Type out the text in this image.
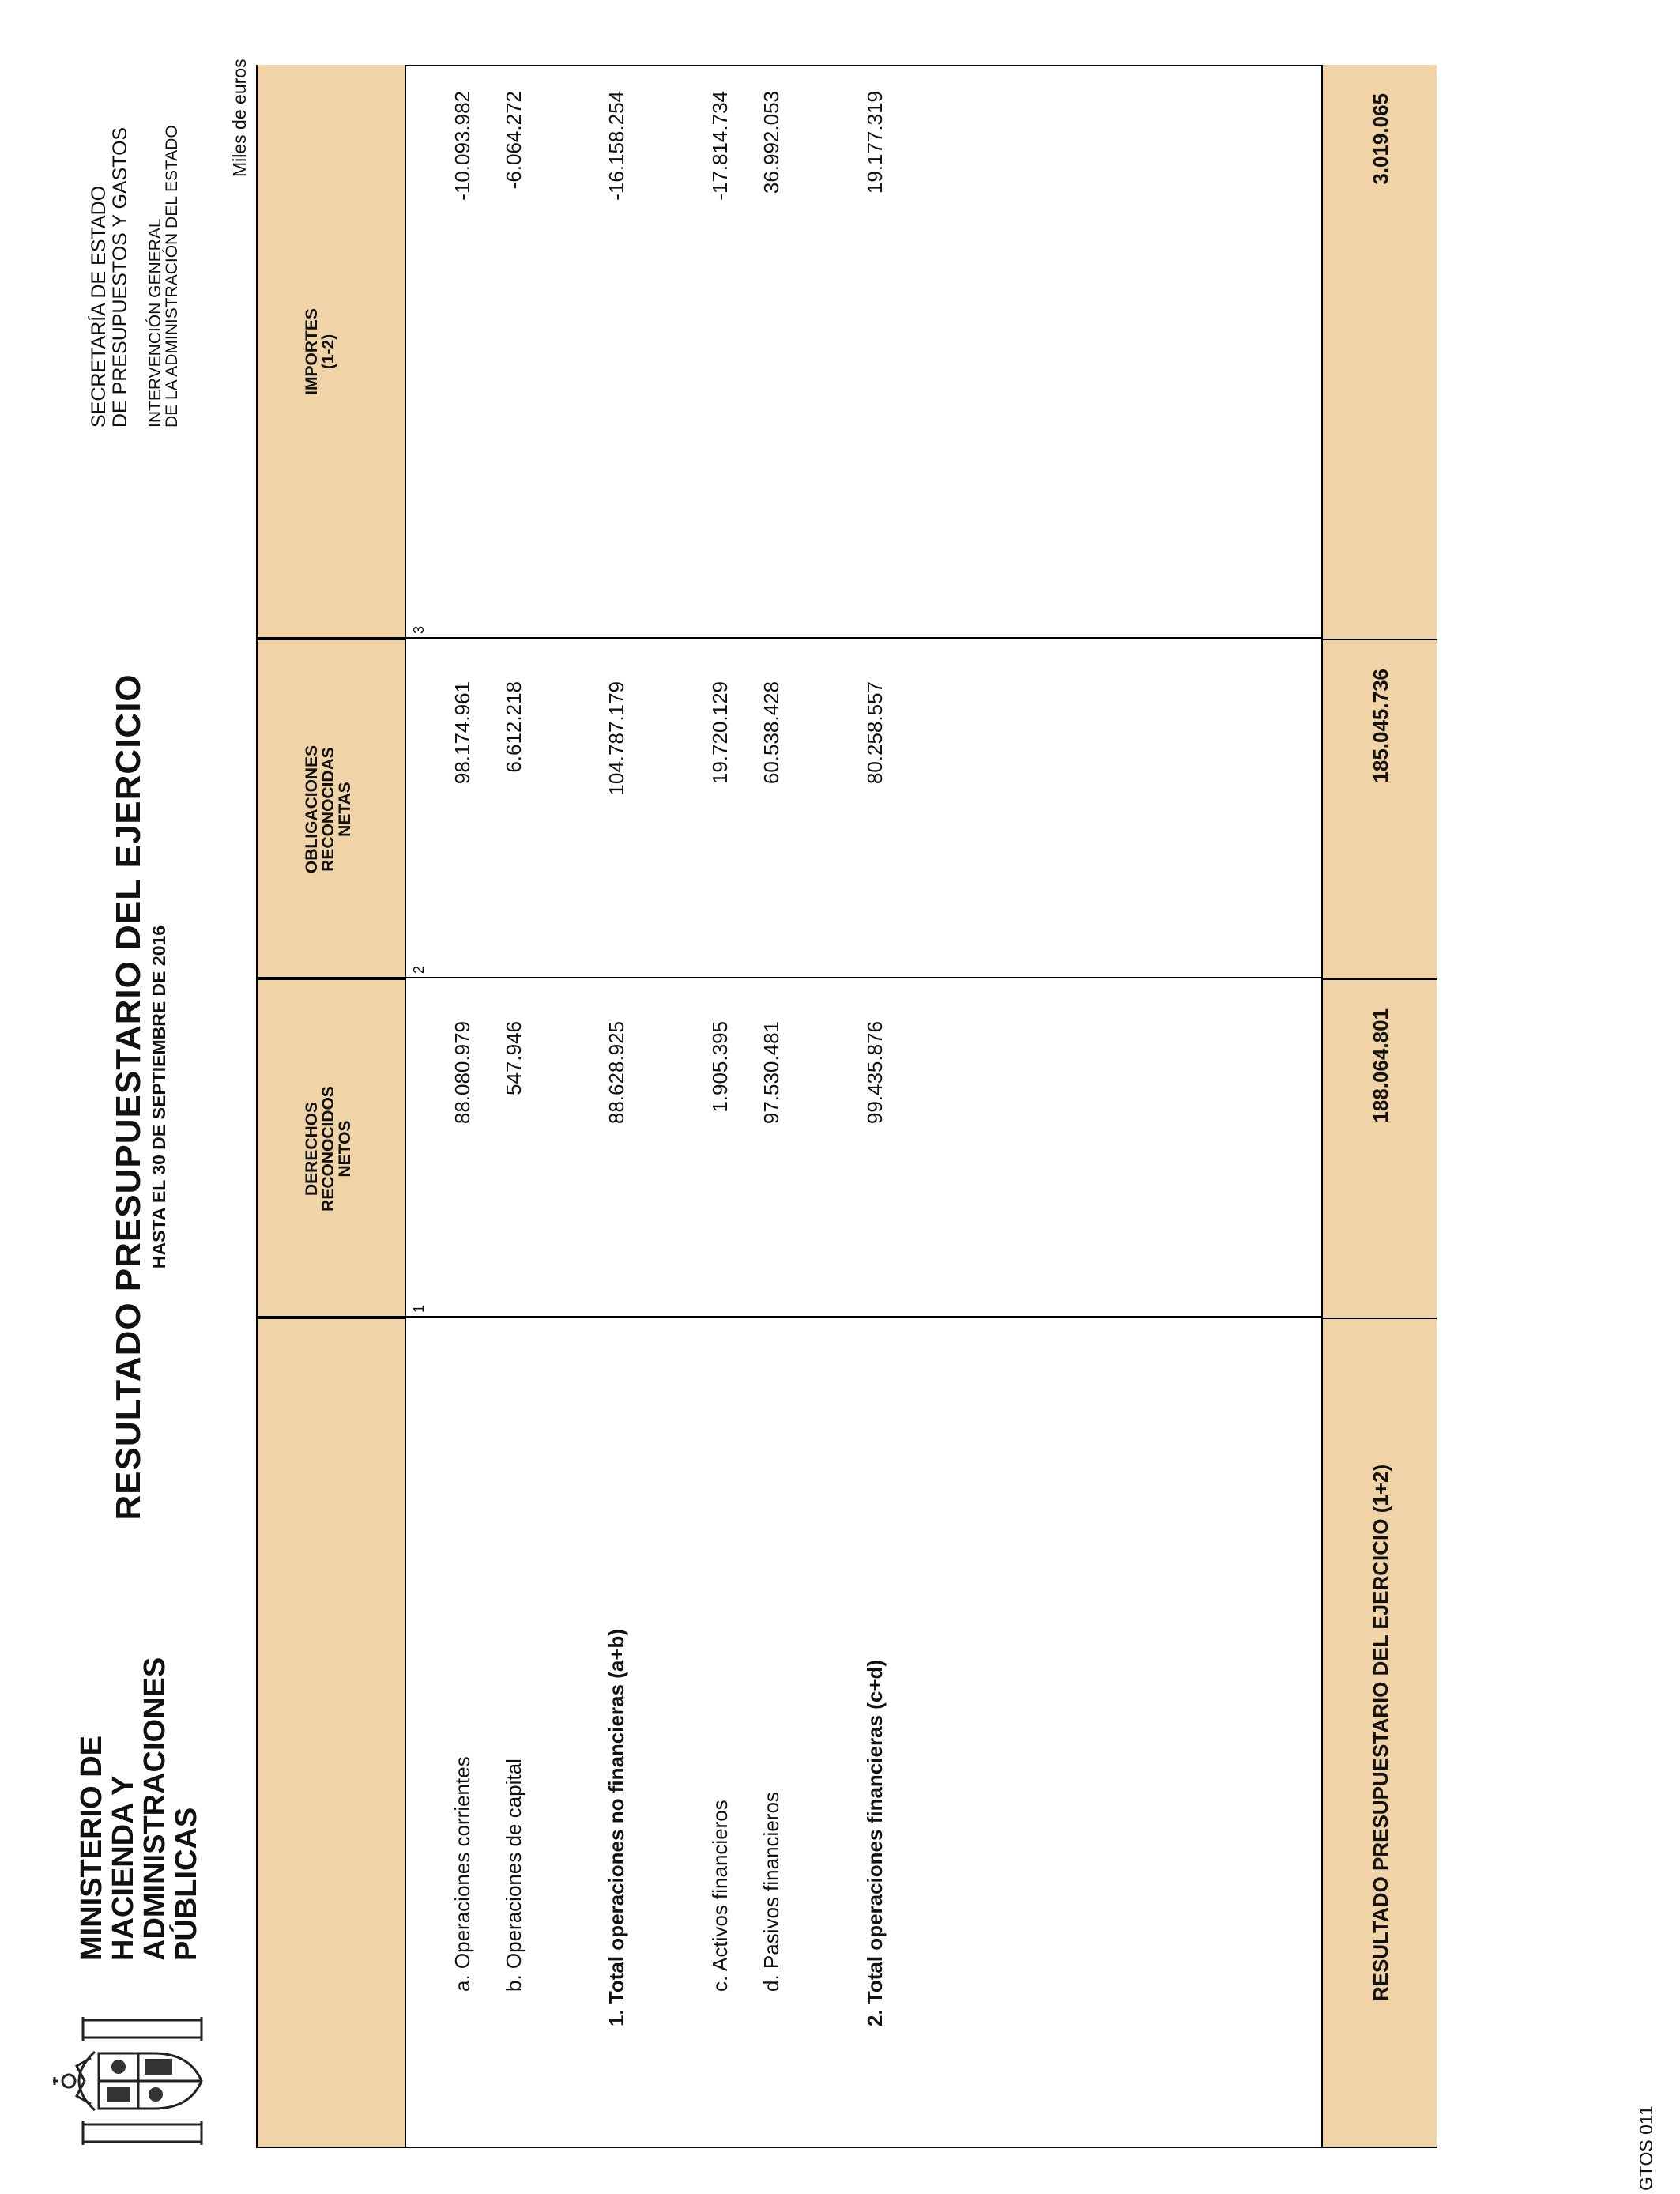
MINISTERIO DE
HACIENDA Y
ADMINISTRACIONES
PÚBLICAS
RESULTADO PRESUPUESTARIO DEL EJERCICIO HASTA EL 30 DE SEPTIEMBRE DE 2016
SECRETARÍA DE ESTADO DE PRESUPUESTOS Y GASTOS INTERVENCIÓN GENERAL
DE LA ADMINISTRACIÓN DEL ESTADO
Miles de euros
DERECHOS
RECONOCIDOS
NETOS
OBLIGACIONES
RECONOCIDAS
NETAS
IMPORTES
(1-2)
1
2
3
a. Operaciones corrientes
88.080.979
98.174.961
-10.093.982
b. Operaciones de capital
547.946
6.612.218
-6.064.272
1. Total operaciones no financieras (a+b)
88.628.925
104.787.179
-16.158.254
c. Activos financieros
1.905.395
19.720.129
-17.814.734
d. Pasivos financieros
97.530.481
60.538.428
36.992.053
2. Total operaciones financieras (c+d)
99.435.876
80.258.557
19.177.319
RESULTADO PRESUPUESTARIO DEL EJERCICIO (1+2)
188.064.801
185.045.736
3.019.065
GTOS 011
